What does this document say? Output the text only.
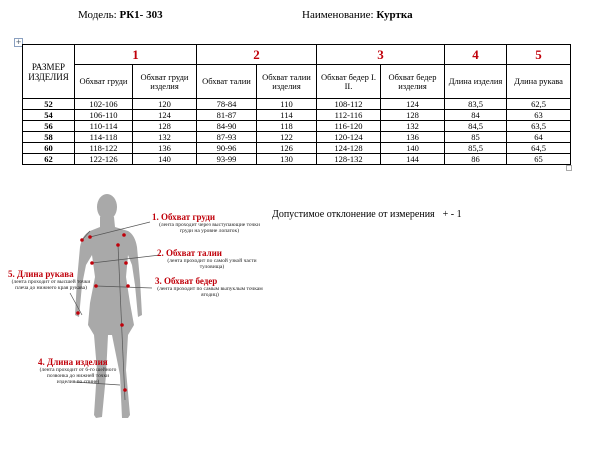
Модель: РК1- 303	Наименование: Куртка
+
РАЗМЕР ИЗДЕЛИЯ	1		2		3		4	5
	Обхват груди	Обхват груди изделия	Обхват талии	Обхват талии изделия	Обхват бедер I. II.	Обхват бедер изделия	Длина изделия	Длина рукава
52	102-106	120	78-84	110	108-112	124	83,5	62,5
54	106-110	124	81-87	114	112-116	128	84	63
56	110-114	128	84-90	118	116-120	132	84,5	63,5
58	114-118	132	87-93	122	120-124	136	85	64
60	118-122	136	90-96	126	124-128	140	85,5	64,5
62	122-126	140	93-99	130	128-132	144	86	65
Допустимое отклонение от измерения + - 1
1. Обхват груди
(лента проходит через выступающие точки груди на уровне лопаток)
2. Обхват талии
(лента проходит по самой узкой части туловища)
3. Обхват бедер
(лента проходит по самым выпуклым точкам ягодиц)
5. Длина рукава
(лента проходит от высшей точки плеча до нижнего края рукава)
4. Длина изделия
(лента проходит от 6-го шейного позвонка до нижней точки изделия по спине)
